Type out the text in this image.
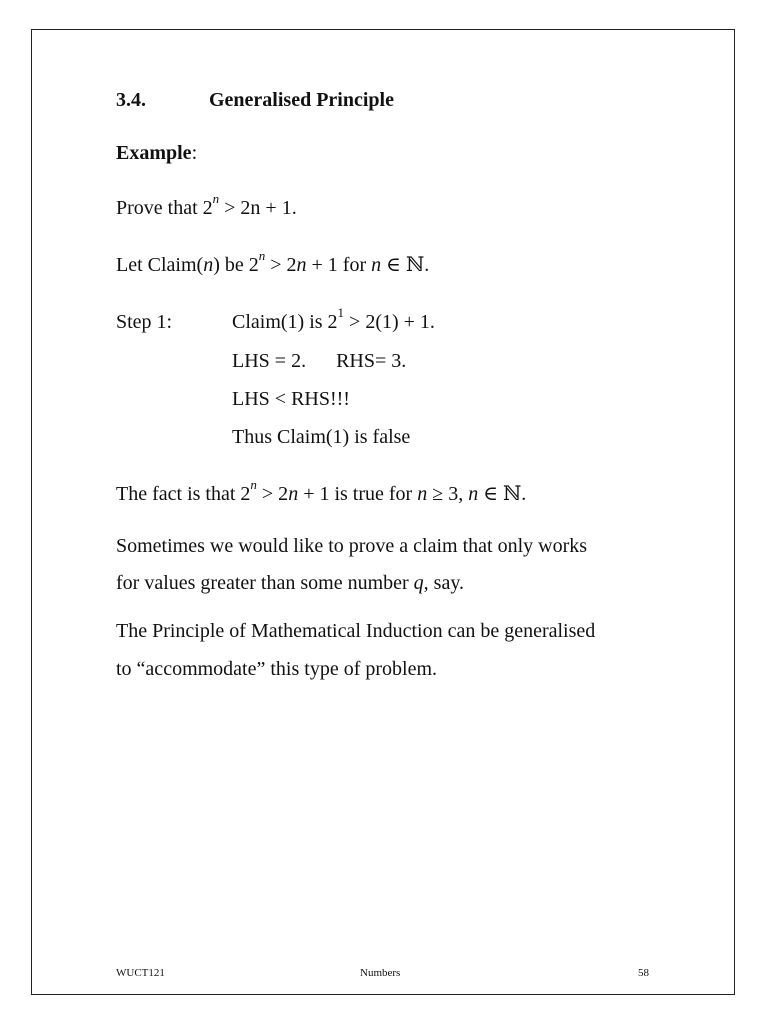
3.4.	Generalised Principle
Example:
Prove that $2^n > 2n + 1$.
Let Claim(n) be $2^n > 2n + 1$ for n ∈ ℕ.
Step 1:	Claim(1) is $2^1 > 2(1) + 1$.
LHS = 2. RHS= 3.
LHS < RHS!!!
Thus Claim(1) is false
The fact is that $2^n > 2n + 1$ is true for n ≥ 3, n ∈ ℕ.
Sometimes we would like to prove a claim that only works
for values greater than some number q, say.
The Principle of Mathematical Induction can be generalised
to “accommodate” this type of problem.
WUCT121	Numbers	58
